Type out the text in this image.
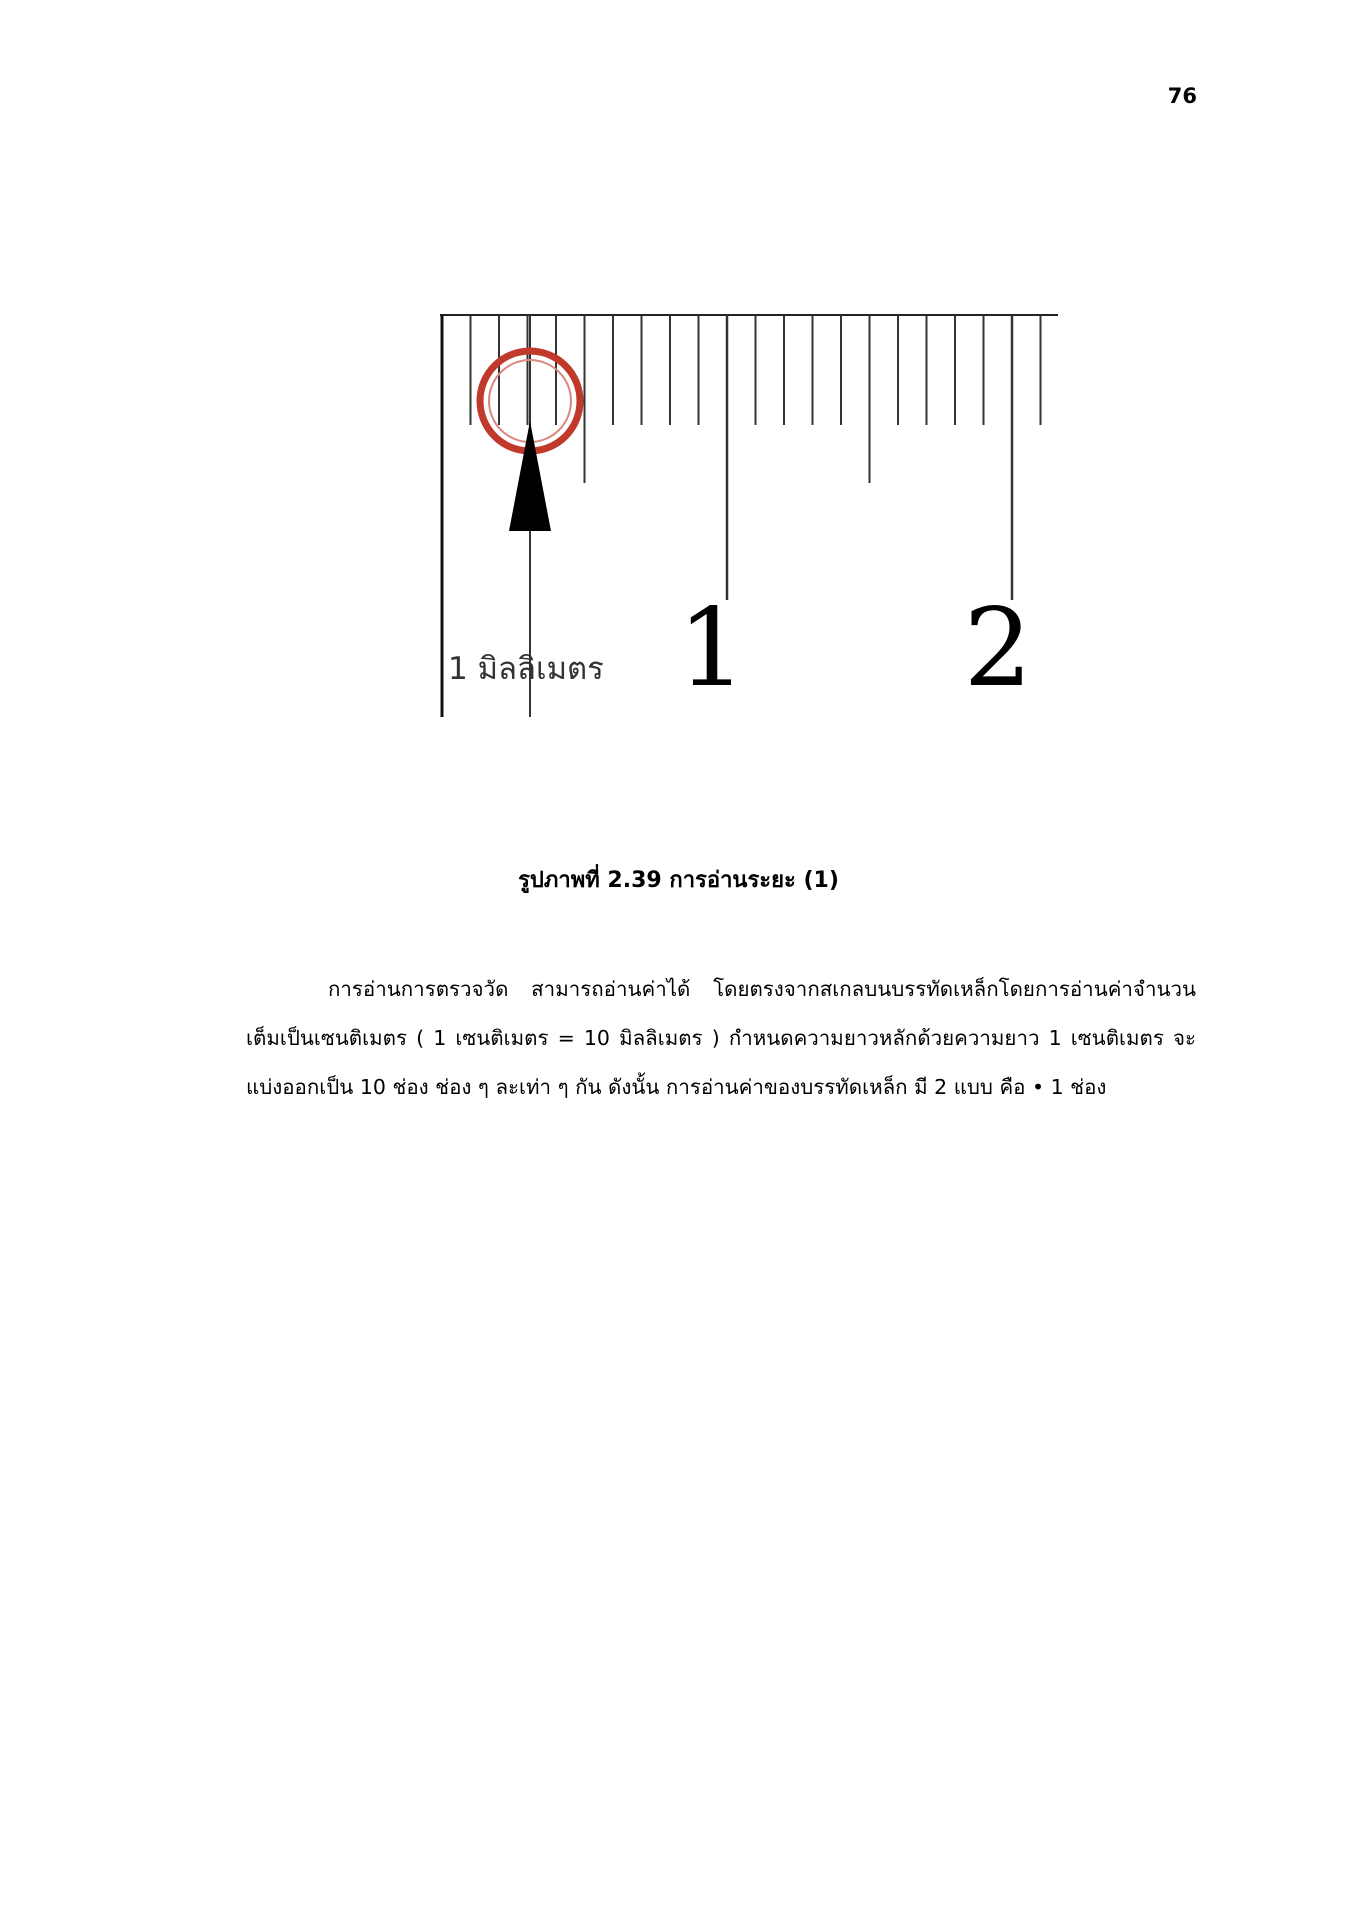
76
1 2
1 มิลลิเมตร
รูปภาพที่ 2.39 การอ่านระยะ (1)

การอ่านการตรวจวัด สามารถอ่านค่าได้ โดยตรงจากสเกลบนบรรทัดเหล็กโดยการอ่านค่าจำนวน เต็มเป็นเซนติเมตร ( 1 เซนติเมตร = 10 มิลลิเมตร ) กำหนดความยาวหลักด้วยความยาว 1 เซนติเมตร จะ แบ่งออกเป็น 10 ช่อง ช่อง ๆ ละเท่า ๆ กัน ดังนั้น การอ่านค่าของบรรทัดเหล็ก มี 2 แบบ คือ • 1 ช่อง
